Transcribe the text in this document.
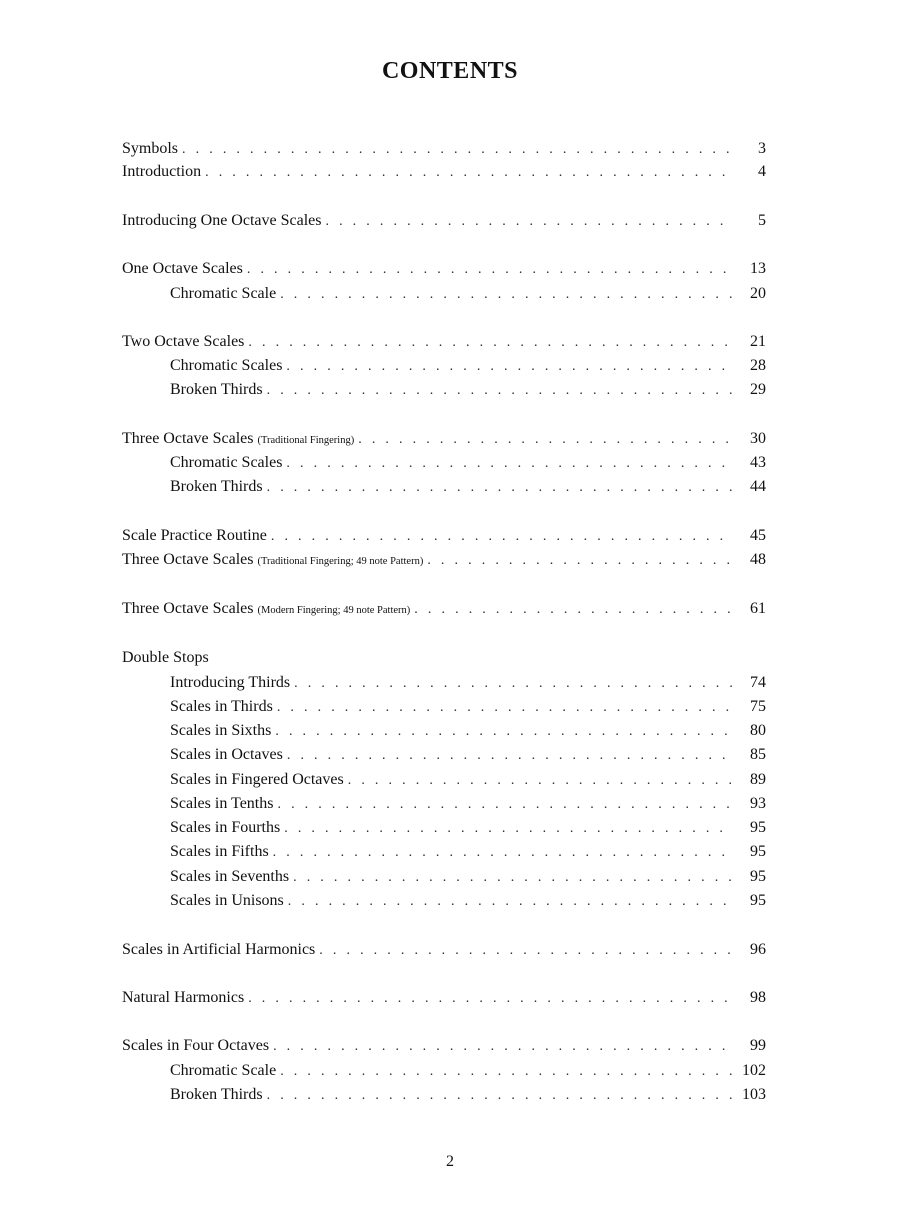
CONTENTS
Symbols . . .	3
Introduction . . .	4
Introducing One Octave Scales . . .	5
One Octave Scales . . .	13
Chromatic Scale . . .	20
Two Octave Scales . . .	21
Chromatic Scales . . .	28
Broken Thirds . . .	29
Three Octave Scales (Traditional Fingering) . . .	30
Chromatic Scales . . .	43
Broken Thirds . . .	44
Scale Practice Routine . . .	45
Three Octave Scales (Traditional Fingering; 49 note Pattern) . . .	48
Three Octave Scales (Modern Fingering; 49 note Pattern) . . .	61
Double Stops
Introducing Thirds . . .	74
Scales in Thirds . . .	75
Scales in Sixths . . .	80
Scales in Octaves . . .	85
Scales in Fingered Octaves . . .	89
Scales in Tenths . . .	93
Scales in Fourths . . .	95
Scales in Fifths . . .	95
Scales in Sevenths . . .	95
Scales in Unisons . . .	95
Scales in Artificial Harmonics . . .	96
Natural Harmonics . . .	98
Scales in Four Octaves . . .	99
Chromatic Scale . . .	102
Broken Thirds . . .	103
2
